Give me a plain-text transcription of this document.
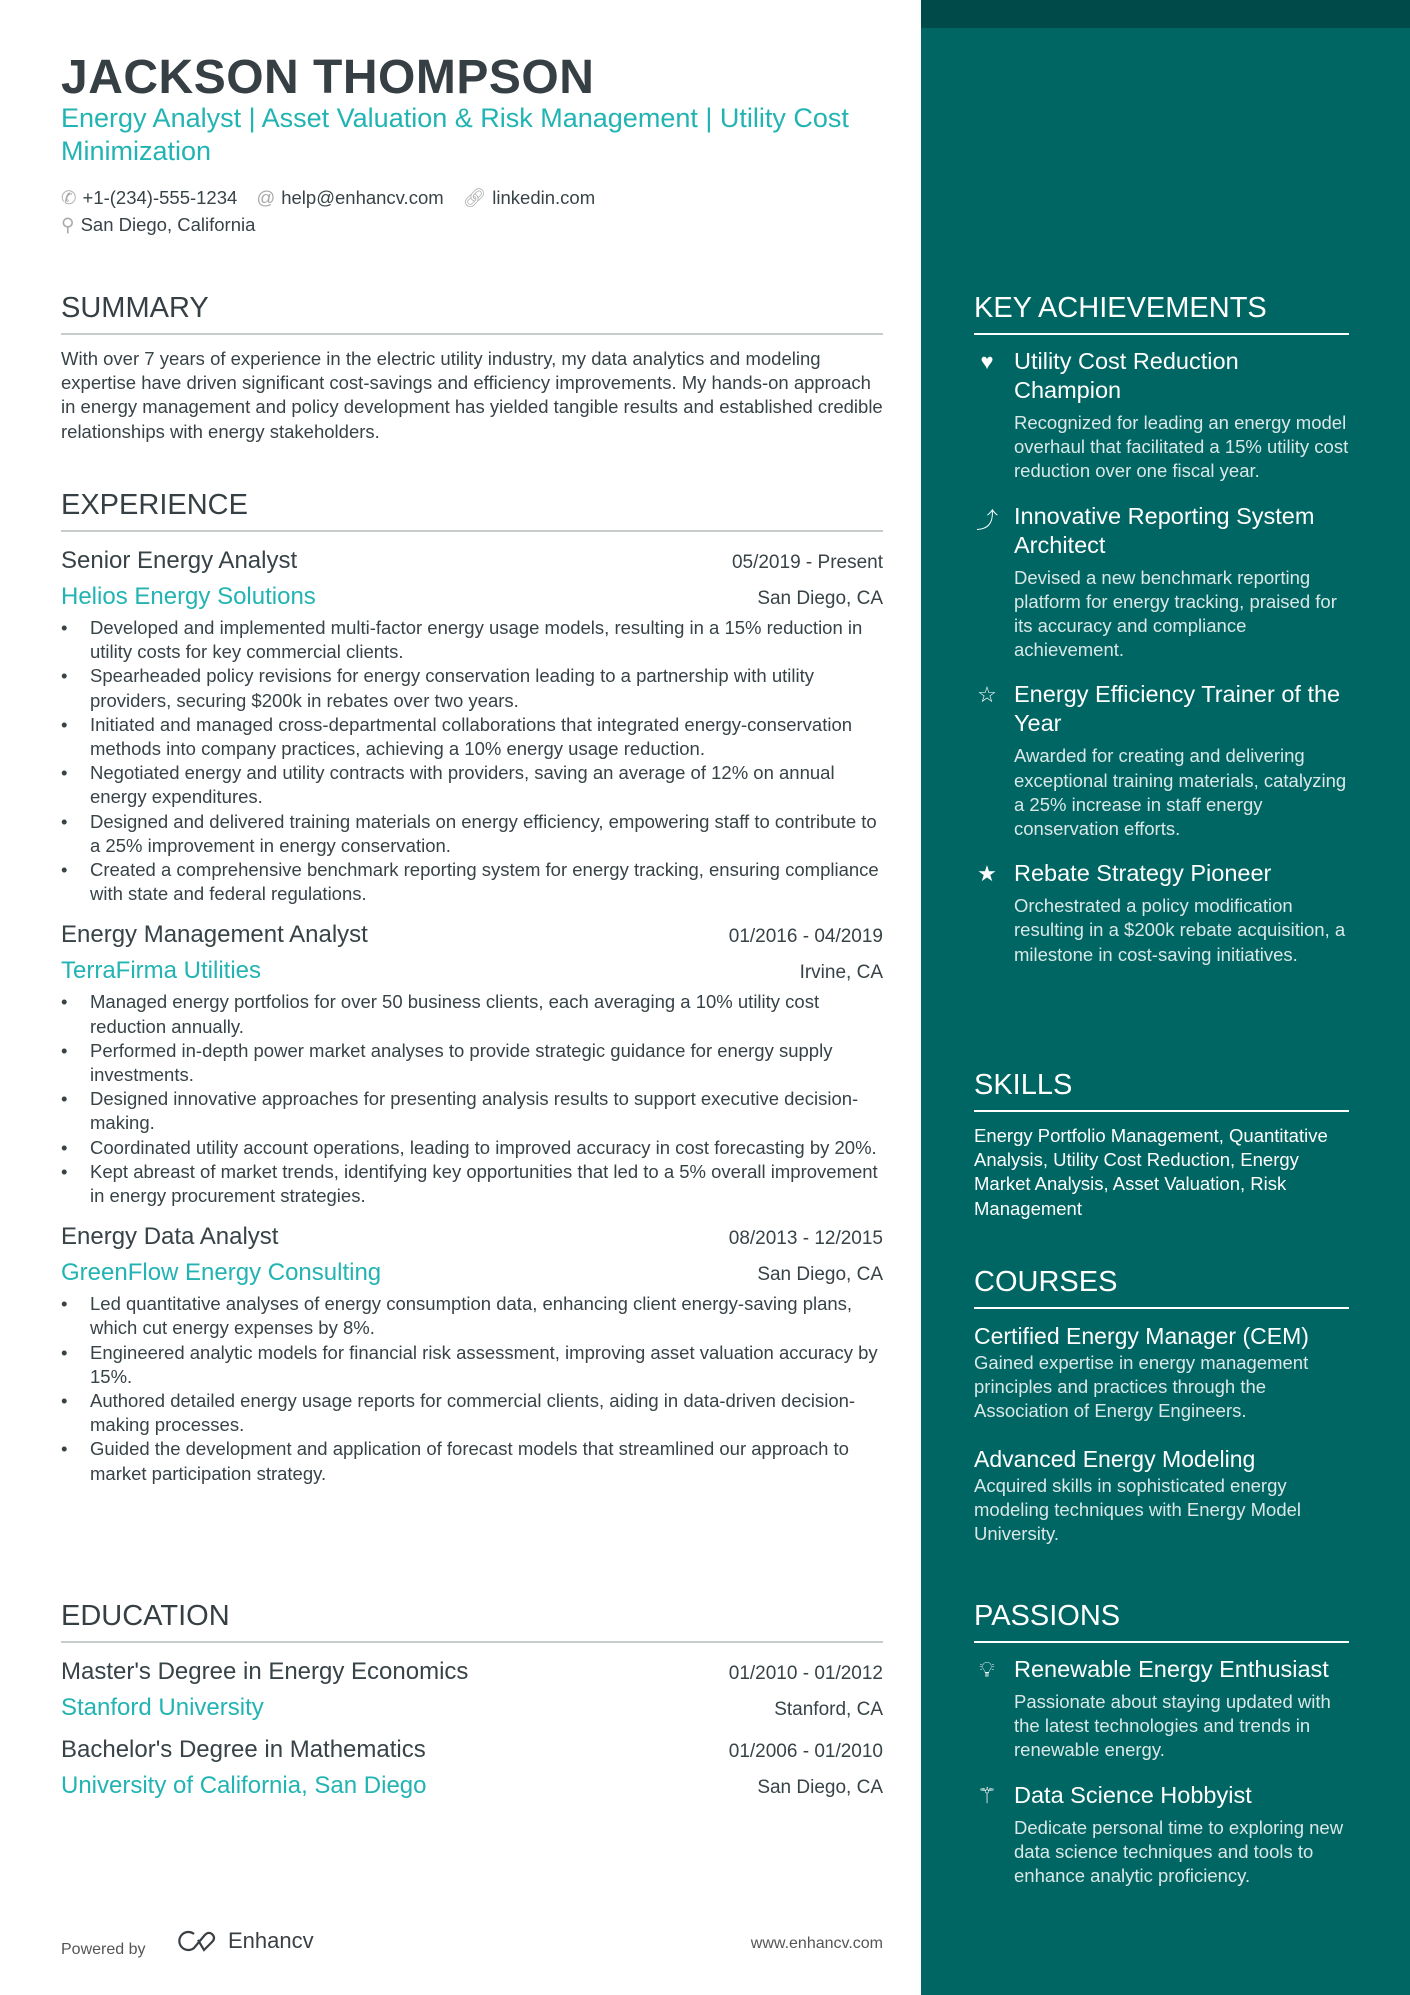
JACKSON THOMPSON
Energy Analyst | Asset Valuation & Risk Management | Utility Cost Minimization
✆ +1-(234)-555-1234 @ help@enhancv.com 🔗︎ linkedin.com
⚲ San Diego, California
SUMMARY

With over 7 years of experience in the electric utility industry, my data analytics and modeling expertise have driven significant cost-savings and efficiency improvements. My hands-on approach in energy management and policy development has yielded tangible results and established credible relationships with energy stakeholders.

EXPERIENCE
Senior Energy Analyst	05/2019 - Present
Helios Energy Solutions	San Diego, CA
• Developed and implemented multi-factor energy usage models, resulting in a 15% reduction in utility costs for key commercial clients.
• Spearheaded policy revisions for energy conservation leading to a partnership with utility providers, securing $200k in rebates over two years.
• Initiated and managed cross-departmental collaborations that integrated energy-conservation methods into company practices, achieving a 10% energy usage reduction.
• Negotiated energy and utility contracts with providers, saving an average of 12% on annual energy expenditures.
• Designed and delivered training materials on energy efficiency, empowering staff to contribute to a 25% improvement in energy conservation.
• Created a comprehensive benchmark reporting system for energy tracking, ensuring compliance with state and federal regulations.
Energy Management Analyst	01/2016 - 04/2019
TerraFirma Utilities	Irvine, CA
• Managed energy portfolios for over 50 business clients, each averaging a 10% utility cost reduction annually.
• Performed in-depth power market analyses to provide strategic guidance for energy supply investments.
• Designed innovative approaches for presenting analysis results to support executive decision-making.
• Coordinated utility account operations, leading to improved accuracy in cost forecasting by 20%.
• Kept abreast of market trends, identifying key opportunities that led to a 5% overall improvement in energy procurement strategies.
Energy Data Analyst	08/2013 - 12/2015
GreenFlow Energy Consulting	San Diego, CA
• Led quantitative analyses of energy consumption data, enhancing client energy-saving plans, which cut energy expenses by 8%.
• Engineered analytic models for financial risk assessment, improving asset valuation accuracy by 15%.
• Authored detailed energy usage reports for commercial clients, aiding in data-driven decision-making processes.
• Guided the development and application of forecast models that streamlined our approach to market participation strategy.
EDUCATION
Master's Degree in Energy Economics	01/2010 - 01/2012
Stanford University	Stanford, CA
Bachelor's Degree in Mathematics	01/2006 - 01/2010
University of California, San Diego	San Diego, CA
KEY ACHIEVEMENTS
♥ Utility Cost Reduction Champion
Recognized for leading an energy model overhaul that facilitated a 15% utility cost reduction over one fiscal year.
⤴ Innovative Reporting System Architect
Devised a new benchmark reporting platform for energy tracking, praised for its accuracy and compliance achievement.
☆ Energy Efficiency Trainer of the Year
Awarded for creating and delivering exceptional training materials, catalyzing a 25% increase in staff energy conservation efforts.
★ Rebate Strategy Pioneer
Orchestrated a policy modification resulting in a $200k rebate acquisition, a milestone in cost-saving initiatives.
SKILLS

Energy Portfolio Management, Quantitative Analysis, Utility Cost Reduction, Energy Market Analysis, Asset Valuation, Risk Management

COURSES
Certified Energy Manager (CEM)
Gained expertise in energy management principles and practices through the Association of Energy Engineers.
Advanced Energy Modeling
Acquired skills in sophisticated energy modeling techniques with Energy Model University.
PASSIONS
💡︎ Renewable Energy Enthusiast
Passionate about staying updated with the latest technologies and trends in renewable energy.
⚚ Data Science Hobbyist
Dedicate personal time to exploring new data science techniques and tools to enhance analytic proficiency.
Powered by	Enhancv	www.enhancv.com
